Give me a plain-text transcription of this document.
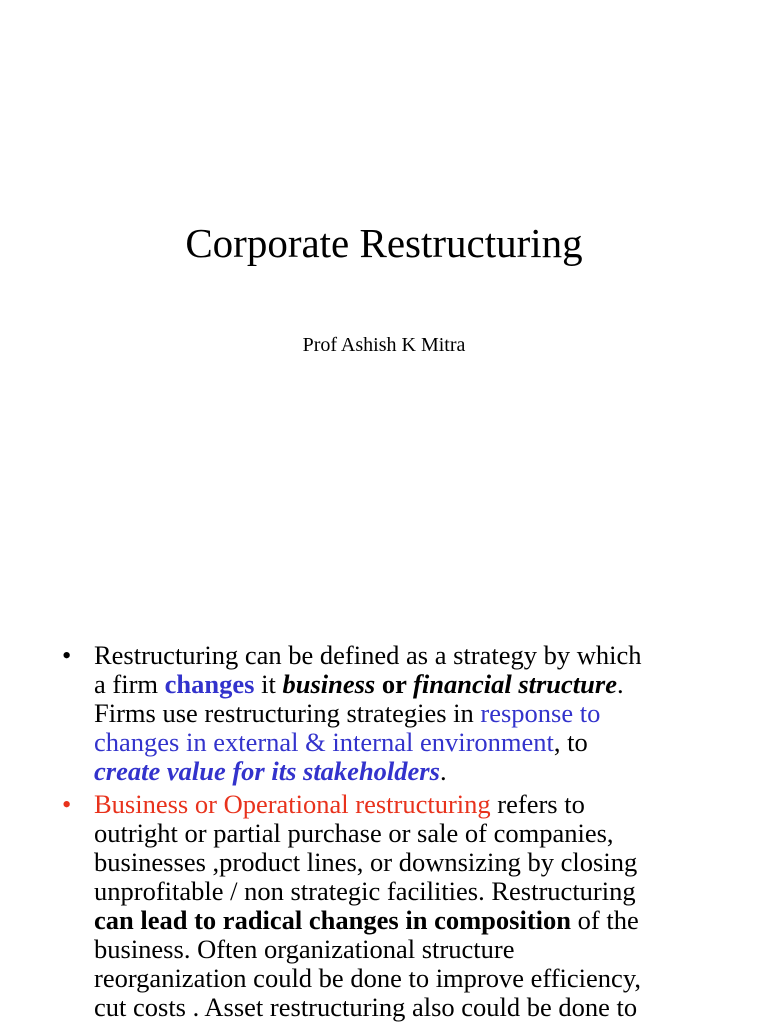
Corporate Restructuring
Prof Ashish K Mitra
• Restructuring can be defined as a strategy by which
a firm changes it business or financial structure.
Firms use restructuring strategies in response to
changes in external & internal environment, to
create value for its stakeholders.
• Business or Operational restructuring refers to
outright or partial purchase or sale of companies,
businesses ,product lines, or downsizing by closing
unprofitable / non strategic facilities. Restructuring
can lead to radical changes in composition of the
business. Often organizational structure
reorganization could be done to improve efficiency,
cut costs . Asset restructuring also could be done to
